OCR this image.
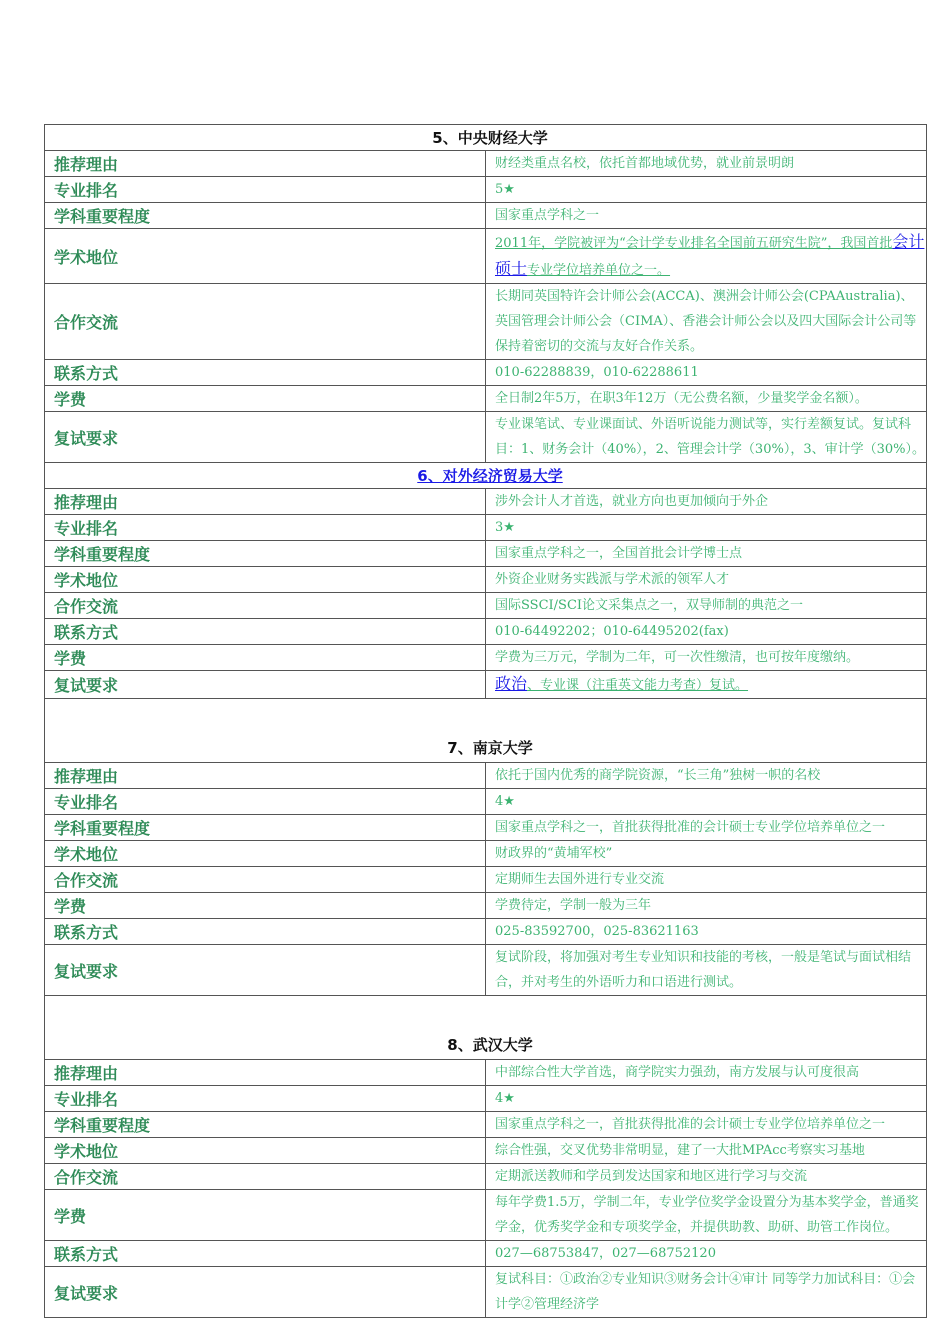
5、中央财经大学	
推荐理由	财经类重点名校，依托首都地域优势，就业前景明朗
专业排名	5★
学科重要程度	国家重点学科之一
学术地位	2011年，学院被评为“会计学专业排名全国前五研究生院”，我国首批会计硕士专业学位培养单位之一。
合作交流	长期同英国特许会计师公会(ACCA)、澳洲会计师公会(CPAAustralia)、英国管理会计师公会（CIMA）、香港会计师公会以及四大国际会计公司等保持着密切的交流与友好合作关系。
联系方式	010-62288839，010-62288611
学费	全日制2年5万，在职3年12万（无公费名额，少量奖学金名额）。
复试要求	专业课笔试、专业课面试、外语听说能力测试等，实行差额复试。复试科目：1、财务会计（40%），2、管理会计学（30%），3、审计学（30%）。
6、对外经济贸易大学	
推荐理由	涉外会计人才首选，就业方向也更加倾向于外企
专业排名	3★
学科重要程度	国家重点学科之一，全国首批会计学博士点
学术地位	外资企业财务实践派与学术派的领军人才
合作交流	国际SSCI/SCI论文采集点之一，双导师制的典范之一
联系方式	010-64492202；010-64495202(fax)
学费	学费为三万元，学制为二年，可一次性缴清，也可按年度缴纳。
复试要求	政治、专业课（注重英文能力考查）复试。
7、南京大学	
推荐理由	依托于国内优秀的商学院资源，“长三角”独树一帜的名校
专业排名	4★
学科重要程度	国家重点学科之一，首批获得批准的会计硕士专业学位培养单位之一
学术地位	财政界的“黄埔军校”
合作交流	定期师生去国外进行专业交流
学费	学费待定，学制一般为三年
联系方式	025-83592700，025-83621163
复试要求	复试阶段，将加强对考生专业知识和技能的考核，一般是笔试与面试相结合，并对考生的外语听力和口语进行测试。
8、武汉大学	
推荐理由	中部综合性大学首选，商学院实力强劲，南方发展与认可度很高
专业排名	4★
学科重要程度	国家重点学科之一，首批获得批准的会计硕士专业学位培养单位之一
学术地位	综合性强，交叉优势非常明显，建了一大批MPAcc考察实习基地
合作交流	定期派送教师和学员到发达国家和地区进行学习与交流
学费	每年学费1.5万，学制二年，专业学位奖学金设置分为基本奖学金，普通奖学金，优秀奖学金和专项奖学金，并提供助教、助研、助管工作岗位。
联系方式	027—68753847，027—68752120
复试要求	复试科目：①政治②专业知识③财务会计④审计 同等学力加试科目：①会计学②管理经济学
